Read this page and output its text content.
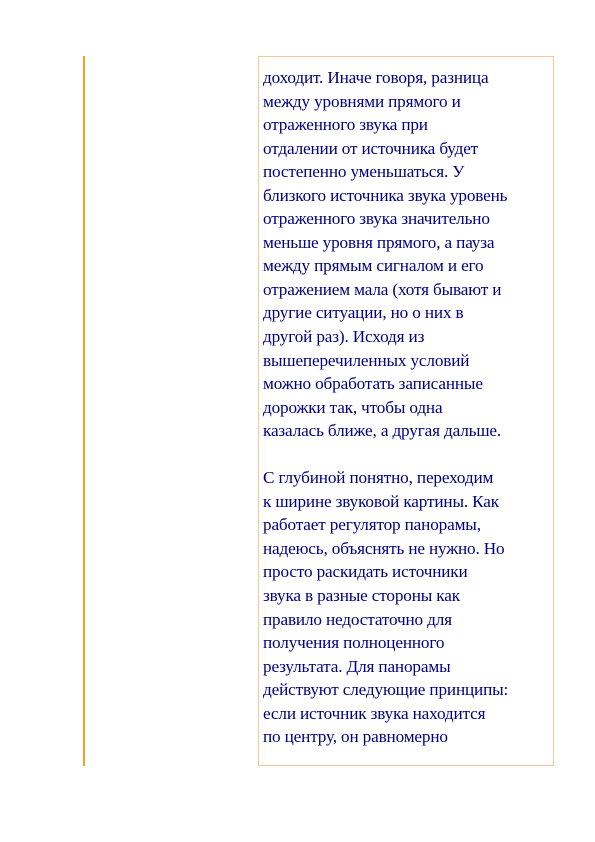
доходит. Иначе говоря, разница
между уровнями прямого и
отраженного звука при
отдалении от источника будет
постепенно уменьшаться. У
близкого источника звука уровень
отраженного звука значительно
меньше уровня прямого, а пауза
между прямым сигналом и его
отражением мала (хотя бывают и
другие ситуации, но о них в
другой раз). Исходя из
вышеперечиленных условий
можно обработать записанные
дорожки так, чтобы одна
казалась ближе, а другая дальше.

С глубиной понятно, переходим
к ширине звуковой картины. Как
работает регулятор панорамы,
надеюсь, объяснять не нужно. Но
просто раскидать источники
звука в разные стороны как
правило недостаточно для
получения полноценного
результата. Для панорамы
действуют следующие принципы:
если источник звука находится
по центру, он равномерно
